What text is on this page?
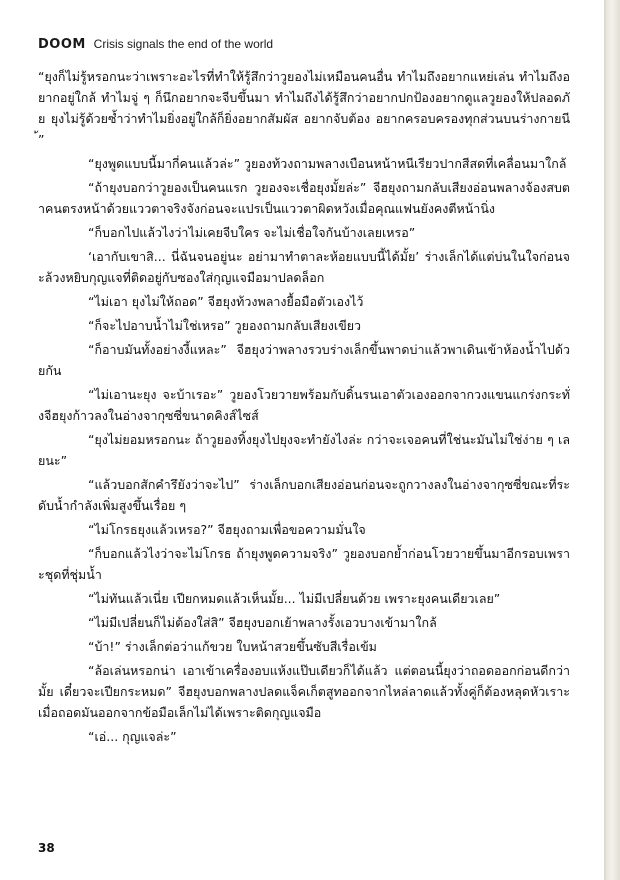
DOOM Crisis signals the end of the world

“ยุงก็ไม่รู้หรอกนะว่าเพราะอะไรที่ทำให้รู้สึกว่าวูยองไม่เหมือนคนอื่น ทำไมถึงอยากแหย่เล่น ทำไมถึงอยากอยู่ใกล้ ทำไมจู่ ๆ ก็นึกอยากจะจีบขึ้นมา ทำไมถึงได้รู้สึกว่าอยากปกป้องอยากดูแลวูยองให้ปลอดภัย ยุงไม่รู้ด้วยซ้ำว่าทำไมยิ่งอยู่ใกล้ก็ยิ่งอยากสัมผัส อยากจับต้อง อยากครอบครองทุกส่วนบนร่างกายนี้”

“ยุงพูดแบบนี้มากี่คนแล้วล่ะ” วูยองท้วงถามพลางเบือนหน้าหนีเรียวปากสีสดที่เคลื่อนมาใกล้

“ถ้ายุงบอกว่าวูยองเป็นคนแรก วูยองจะเชื่อยุงมั้ยล่ะ” จีฮยุงถามกลับเสียงอ่อนพลางจ้องสบตาคนตรงหน้าด้วยแววตาจริงจังก่อนจะแปรเป็นแววตาผิดหวังเมื่อคุณแฟนยังคงตีหน้านิ่ง

“ก็บอกไปแล้วไงว่าไม่เคยจีบใคร จะไม่เชื่อใจกันบ้างเลยเหรอ”

‘เอากับเขาสิ... นี่ฉันจนอยู่นะ อย่ามาทำตาละห้อยแบบนี้ได้มั้ย’ ร่างเล็กได้แต่บ่นในใจก่อนจะล้วงหยิบกุญแจที่ติดอยู่กับซองใส่กุญแจมือมาปลดล็อก

“ไม่เอา ยุงไม่ให้ถอด” จีฮยุงท้วงพลางยื้อมือตัวเองไว้

“ก็จะไปอาบน้ำไม่ใช่เหรอ” วูยองถามกลับเสียงเขียว

“ก็อาบมันทั้งอย่างงี้แหละ” จีฮยุงว่าพลางรวบร่างเล็กขึ้นพาดบ่าแล้วพาเดินเข้าห้องน้ำไปด้วยกัน

“ไม่เอานะยุง จะบ้าเรอะ” วูยองโวยวายพร้อมกับดิ้นรนเอาตัวเองออกจากวงแขนแกร่งกระทั่งจีฮยุงก้าวลงในอ่างจากุซซี่ขนาดคิงส์ไซส์

“ยุงไม่ยอมหรอกนะ ถ้าวูยองทิ้งยุงไปยุงจะทำยังไงล่ะ กว่าจะเจอคนที่ใช่นะมันไม่ใช่ง่าย ๆ เลยนะ”

“แล้วบอกสักคำรึยังว่าจะไป” ร่างเล็กบอกเสียงอ่อนก่อนจะถูกวางลงในอ่างจากุซซี่ขณะที่ระดับน้ำกำลังเพิ่มสูงขึ้นเรื่อย ๆ

“ไม่โกรธยุงแล้วเหรอ?” จีฮยุงถามเพื่อขอความมั่นใจ

“ก็บอกแล้วไงว่าจะไม่โกรธ ถ้ายุงพูดความจริง” วูยองบอกย้ำก่อนโวยวายขึ้นมาอีกรอบเพราะชุดที่ชุ่มน้ำ

“ไม่ทันแล้วเนี่ย เปียกหมดแล้วเห็นมั้ย... ไม่มีเปลี่ยนด้วย เพราะยุงคนเดียวเลย”

“ไม่มีเปลี่ยนก็ไม่ต้องใส่สิ” จีฮยุงบอกเย้าพลางรั้งเอวบางเข้ามาใกล้

“บ้า!” ร่างเล็กต่อว่าแก้ขวย ใบหน้าสวยขึ้นซับสีเรื่อเข้ม

“ล้อเล่นหรอกน่า เอาเข้าเครื่องอบแห้งแป๊บเดียวก็ได้แล้ว แต่ตอนนี้ยุงว่าถอดออกก่อนดีกว่ามั้ย เดี๋ยวจะเปียกระหมด” จีฮยุงบอกพลางปลดแจ็คเก็ตสูทออกจากไหล่ลาดแล้วทั้งคู่ก็ต้องหลุดหัวเราะเมื่อถอดมันออกจากข้อมือเล็กไม่ได้เพราะติดกุญแจมือ

“เอ่... กุญแจล่ะ”

38
